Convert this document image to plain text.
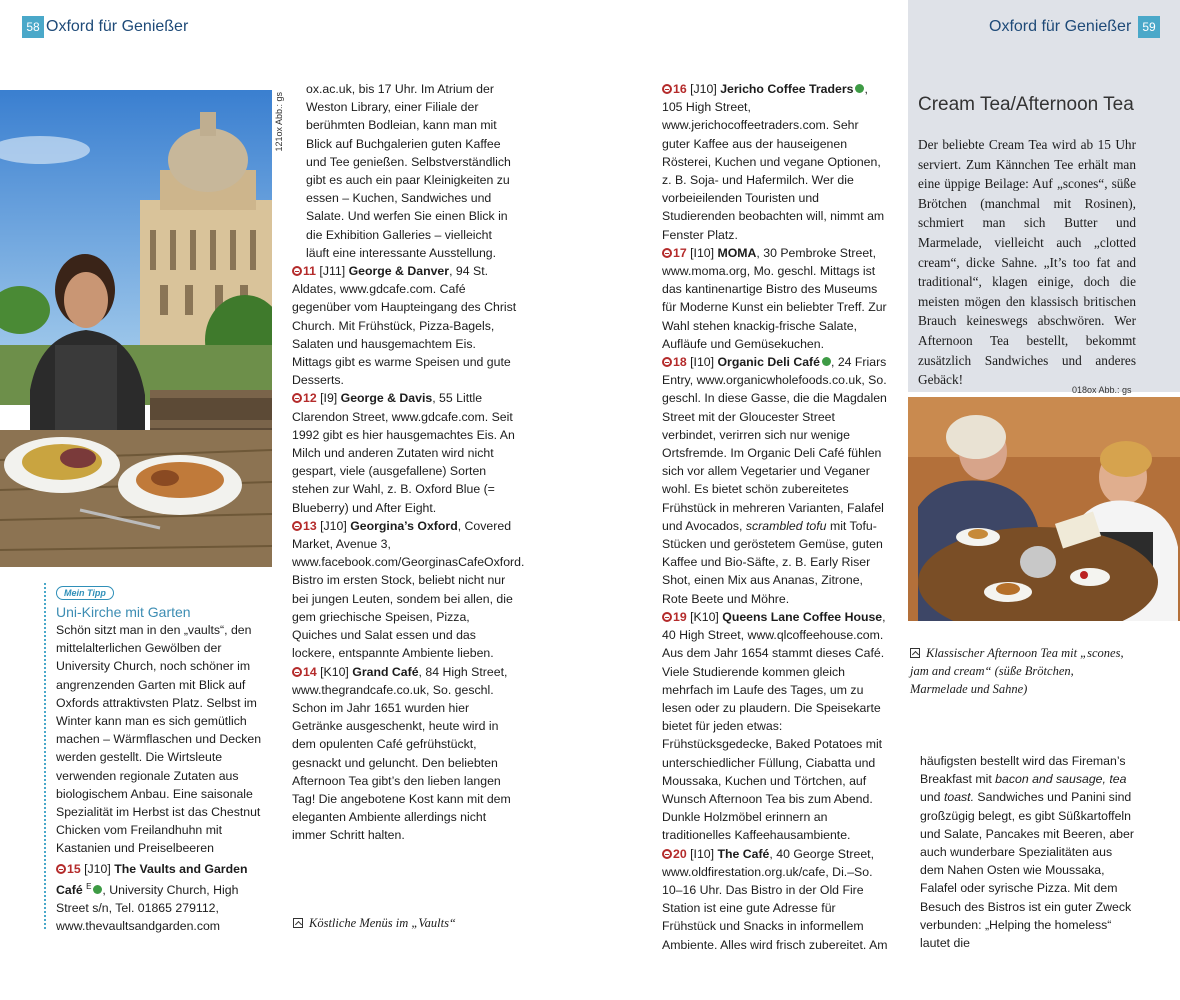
58 Oxford für Genießer	Oxford für Genießer 59
121ox Abb.: gs
Mein Tipp
Uni-Kirche mit Garten

Schön sitzt man in den „vaults“, den mittelalterlichen Gewölben der University Church, noch schöner im angrenzenden Garten mit Blick auf Oxfords attraktivsten Platz. Selbst im Winter kann man es sich gemütlich machen – Wärmflaschen und Decken werden gestellt. Die Wirtsleute verwenden regionale Zutaten aus biologischem Anbau. Eine saisonale Spezialität im Herbst ist das Chestnut Chicken vom Freilandhuhn mit Kastanien und Preiselbeeren

15 [J10] The Vaults and Garden Café $^E$ , University Church, High Street s/n, Tel. 01865 279112, www.thevaultsandgarden.com

ox.ac.uk, bis 17 Uhr. Im Atrium der Weston Library, einer Filiale der berühmten Bodleian, kann man mit Blick auf Buchgalerien guten Kaffee und Tee genießen. Selbstverständlich gibt es auch ein paar Kleinigkeiten zu essen – Kuchen, Sandwiches und Salate. Und werfen Sie einen Blick in die Exhibition Galleries – vielleicht läuft eine interessante Ausstellung.

11 [J11] George & Danver, 94 St. Aldates, www.gdcafe.com. Café gegenüber vom Haupteingang des Christ Church. Mit Frühstück, Pizza-Bagels, Salaten und hausgemachtem Eis. Mittags gibt es warme Speisen und gute Desserts.

12 [I9] George & Davis, 55 Little Clarendon Street, www.gdcafe.com. Seit 1992 gibt es hier hausgemachtes Eis. An Milch und anderen Zutaten wird nicht gespart, viele (ausgefallene) Sorten stehen zur Wahl, z. B. Oxford Blue (= Blueberry) und After Eight.

13 [J10] Georgina’s Oxford, Covered Market, Avenue 3, www.facebook.com/GeorginasCafeOxford. Bistro im ersten Stock, beliebt nicht nur bei jungen Leuten, sondem bei allen, die gem griechische Speisen, Pizza, Quiches und Salat essen und das lockere, entspannte Ambiente lieben.

14 [K10] Grand Café, 84 High Street, www.thegrandcafe.co.uk, So. geschl. Schon im Jahr 1651 wurden hier Getränke ausgeschenkt, heute wird in dem opulenten Café gefrühstückt, gesnackt und geluncht. Den beliebten Afternoon Tea gibt’s den lieben langen Tag! Die angebotene Kost kann mit dem eleganten Ambiente allerdings nicht immer Schritt halten.

Köstliche Menüs im „Vaults“

16 [J10] Jericho Coffee Traders , 105 High Street, www.jerichocoffeetraders.com. Sehr guter Kaffee aus der hauseigenen Rösterei, Kuchen und vegane Optionen, z. B. Soja- und Hafermilch. Wer die vorbeieilenden Touristen und Studierenden beobachten will, nimmt am Fenster Platz.

17 [I10] MOMA, 30 Pembroke Street, www.moma.org, Mo. geschl. Mittags ist das kantinenartige Bistro des Museums für Moderne Kunst ein beliebter Treff. Zur Wahl stehen knackig-frische Salate, Aufläufe und Gemüsekuchen.

18 [I10] Organic Deli Café , 24 Friars Entry, www.organicwholefoods.co.uk, So. geschl. In diese Gasse, die die Magdalen Street mit der Gloucester Street verbindet, verirren sich nur wenige Ortsfremde. Im Organic Deli Café fühlen sich vor allem Vegetarier und Veganer wohl. Es bietet schön zubereitetes Frühstück in mehreren Varianten, Falafel und Avocados, scrambled tofu mit Tofu-Stücken und geröstetem Gemüse, guten Kaffee und Bio-Säfte, z. B. Early Riser Shot, einen Mix aus Ananas, Zitrone, Rote Beete und Möhre.

19 [K10] Queens Lane Coffee House, 40 High Street, www.qlcoffeehouse.com. Aus dem Jahr 1654 stammt dieses Café. Viele Studierende kommen gleich mehrfach im Laufe des Tages, um zu lesen oder zu plaudern. Die Speisekarte bietet für jeden etwas: Frühstücksgedecke, Baked Potatoes mit unterschiedlicher Füllung, Ciabatta und Moussaka, Kuchen und Törtchen, auf Wunsch Afternoon Tea bis zum Abend. Dunkle Holzmöbel erinnern an traditionelles Kaffeehausambiente.

20 [I10] The Café, 40 George Street, www.oldfirestation.org.uk/cafe, Di.–So. 10–16 Uhr. Das Bistro in der Old Fire Station ist eine gute Adresse für Frühstück und Snacks in informellem Ambiente. Alles wird frisch zubereitet. Am

Cream Tea/Afternoon Tea
Der beliebte Cream Tea wird ab 15 Uhr serviert. Zum Kännchen Tee erhält man eine üppige Beilage: Auf „scones“, süße Brötchen (manchmal mit Rosinen), schmiert man sich Butter und Marmelade, vielleicht auch „clotted cream“, dicke Sahne. „It’s too fat and traditional“, klagen einige, doch die meisten mögen den klassisch britischen Brauch keineswegs abschwören. Wer Afternoon Tea bestellt, bekommt zusätzlich Sandwiches und anderes Gebäck!
018ox Abb.: gs
Klassischer Afternoon Tea mit „scones, jam and cream“ (süße Brötchen, Marmelade und Sahne)

häufigsten bestellt wird das Fireman’s Breakfast mit bacon and sausage, tea und toast. Sandwiches und Panini sind großzügig belegt, es gibt Süßkartoffeln und Salate, Pancakes mit Beeren, aber auch wunderbare Spezialitäten aus dem Nahen Osten wie Moussaka, Falafel oder syrische Pizza. Mit dem Besuch des Bistros ist ein guter Zweck verbunden: „Helping the homeless“ lautet die
